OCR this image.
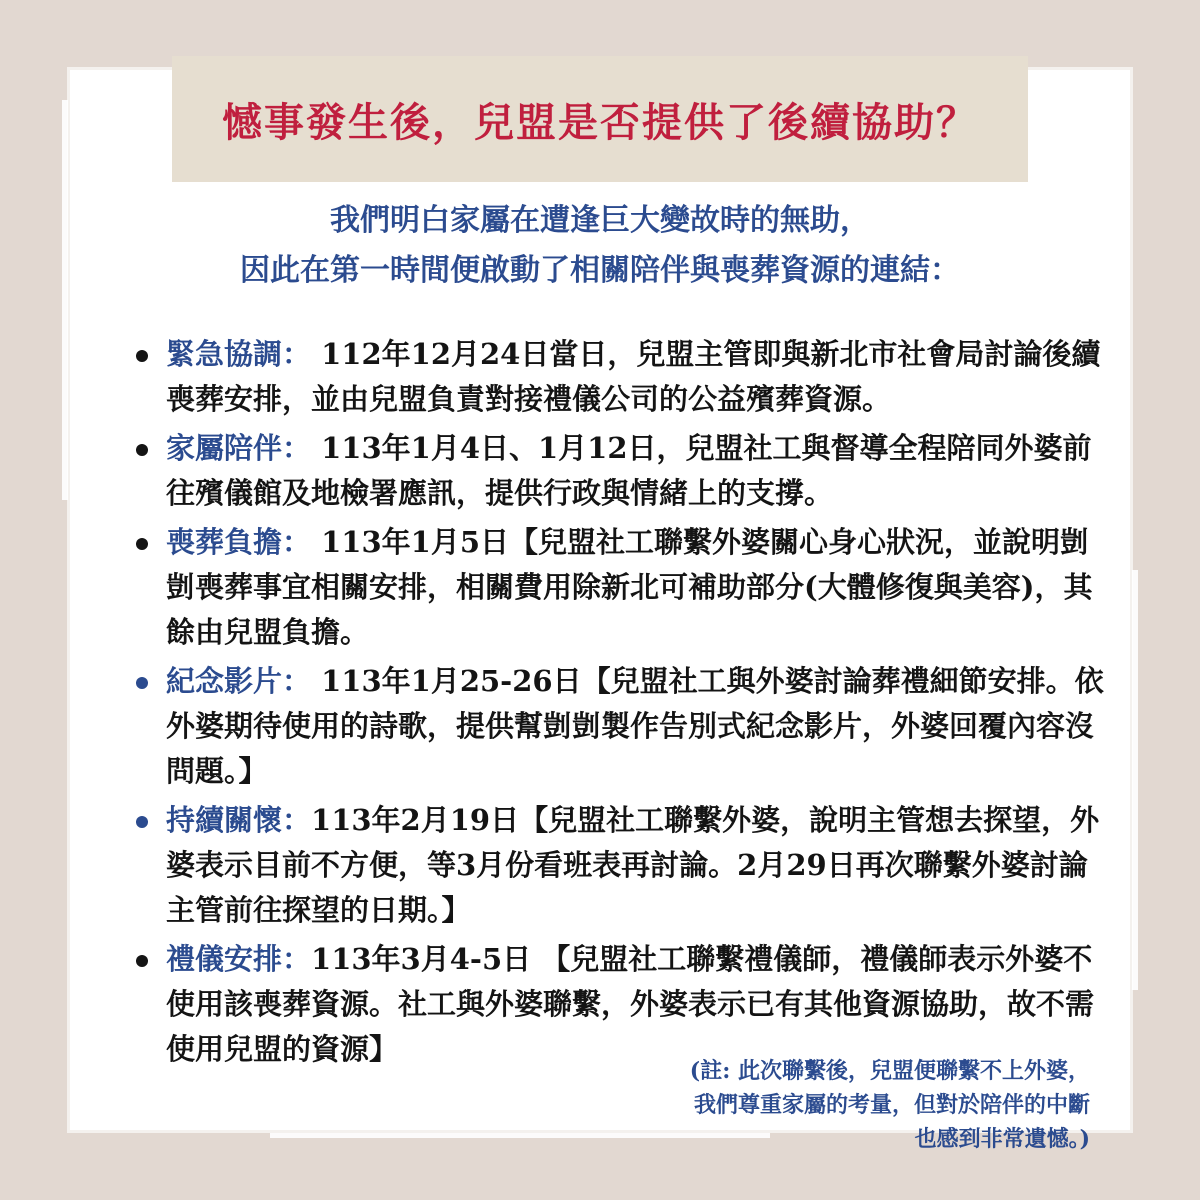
憾事發生後，兒盟是否提供了後續協助？
我們明白家屬在遭逢巨大變故時的無助，
因此在第一時間便啟動了相關陪伴與喪葬資源的連結：
緊急協調： 112年12月24日當日，兒盟主管即與新北市社會局討論後續喪葬安排，並由兒盟負責對接禮儀公司的公益殯葬資源。
家屬陪伴： 113年1月4日、1月12日，兒盟社工與督導全程陪同外婆前往殯儀館及地檢署應訊，提供行政與情緒上的支撐。
喪葬負擔： 113年1月5日【兒盟社工聯繫外婆關心身心狀況，並說明剴剴喪葬事宜相關安排，相關費用除新北可補助部分(大體修復與美容)，其餘由兒盟負擔。
紀念影片： 113年1月25-26日【兒盟社工與外婆討論葬禮細節安排。依外婆期待使用的詩歌，提供幫剴剴製作告別式紀念影片，外婆回覆內容沒問題。】
持續關懷：113年2月19日【兒盟社工聯繫外婆，說明主管想去探望，外婆表示目前不方便，等3月份看班表再討論。2月29日再次聯繫外婆討論主管前往探望的日期。】
禮儀安排：113年3月4-5日 【兒盟社工聯繫禮儀師，禮儀師表示外婆不使用該喪葬資源。社工與外婆聯繫，外婆表示已有其他資源協助，故不需使用兒盟的資源】
(註: 此次聯繫後，兒盟便聯繫不上外婆，
我們尊重家屬的考量，但對於陪伴的中斷
也感到非常遺憾。)
